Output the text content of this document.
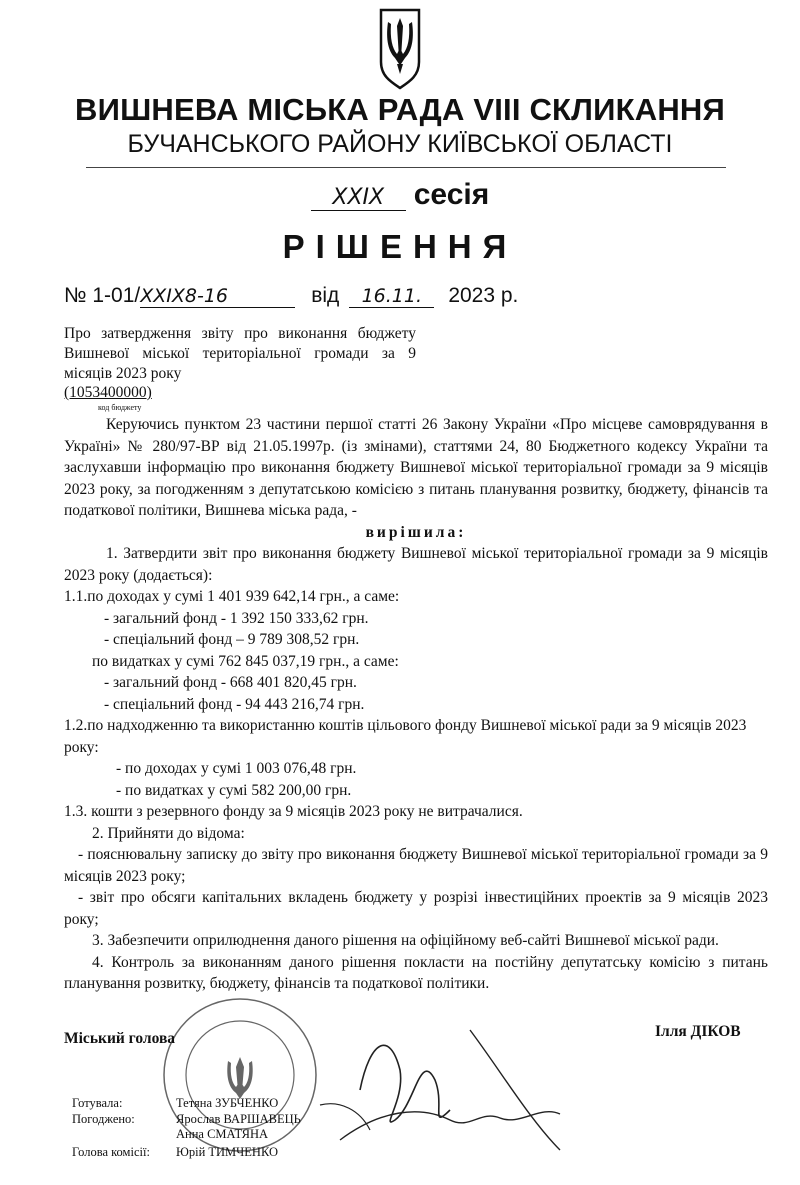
ВИШНЕВА МІСЬКА РАДА VIII СКЛИКАННЯ
БУЧАНСЬКОГО РАЙОНУ КИЇВСЬКОЇ ОБЛАСТІ
XXIX сесія
РІШЕННЯ
№ 1-01/XXIX8-16	від 16.11. 2023 р.
Про затвердження звіту про виконання бюджету Вишневої міської територіальної громади за 9 місяців 2023 року
(1053400000)
код бюджету

Керуючись пунктом 23 частини першої статті 26 Закону України «Про місцеве самоврядування в Україні» № 280/97-ВР від 21.05.1997р. (із змінами), статтями 24, 80 Бюджетного кодексу України та заслухавши інформацію про виконання бюджету Вишневої міської територіальної громади за 9 місяців 2023 року, за погодженням з депутатською комісією з питань планування розвитку, бюджету, фінансів та податкової політики, Вишнева міська рада, -

вирішила:

1. Затвердити звіт про виконання бюджету Вишневої міської територіальної громади за 9 місяців 2023 року (додається):

1.1.по доходах у сумі 1 401 939 642,14 грн., а саме:

- загальний фонд - 1 392 150 333,62 грн.

- спеціальний фонд – 9 789 308,52 грн.

по видатках у сумі 762 845 037,19 грн., а саме:

- загальний фонд - 668 401 820,45 грн.

- спеціальний фонд - 94 443 216,74 грн.

1.2.по надходженню та використанню коштів цільового фонду Вишневої міської ради за 9 місяців 2023 року:

- по доходах у сумі 1 003 076,48 грн.

- по видатках у сумі 582 200,00 грн.

1.3. кошти з резервного фонду за 9 місяців 2023 року не витрачалися.

2. Прийняти до відома:

- пояснювальну записку до звіту про виконання бюджету Вишневої міської територіальної громади за 9 місяців 2023 року;

- звіт про обсяги капітальних вкладень бюджету у розрізі інвестиційних проектів за 9 місяців 2023 року;

3. Забезпечити оприлюднення даного рішення на офіційному веб-сайті Вишневої міської ради.

4. Контроль за виконанням даного рішення покласти на постійну депутатську комісію з питань планування розвитку, бюджету, фінансів та податкової політики.

Міський голова	Ілля ДІКОВ
Готувала:	Тетяна ЗУБЧЕНКО
Погоджено:	Ярослав ВАРШАВЕЦЬ
Анна СМАТЯНА
Голова комісії: Юрій ТИМЧЕНКО
